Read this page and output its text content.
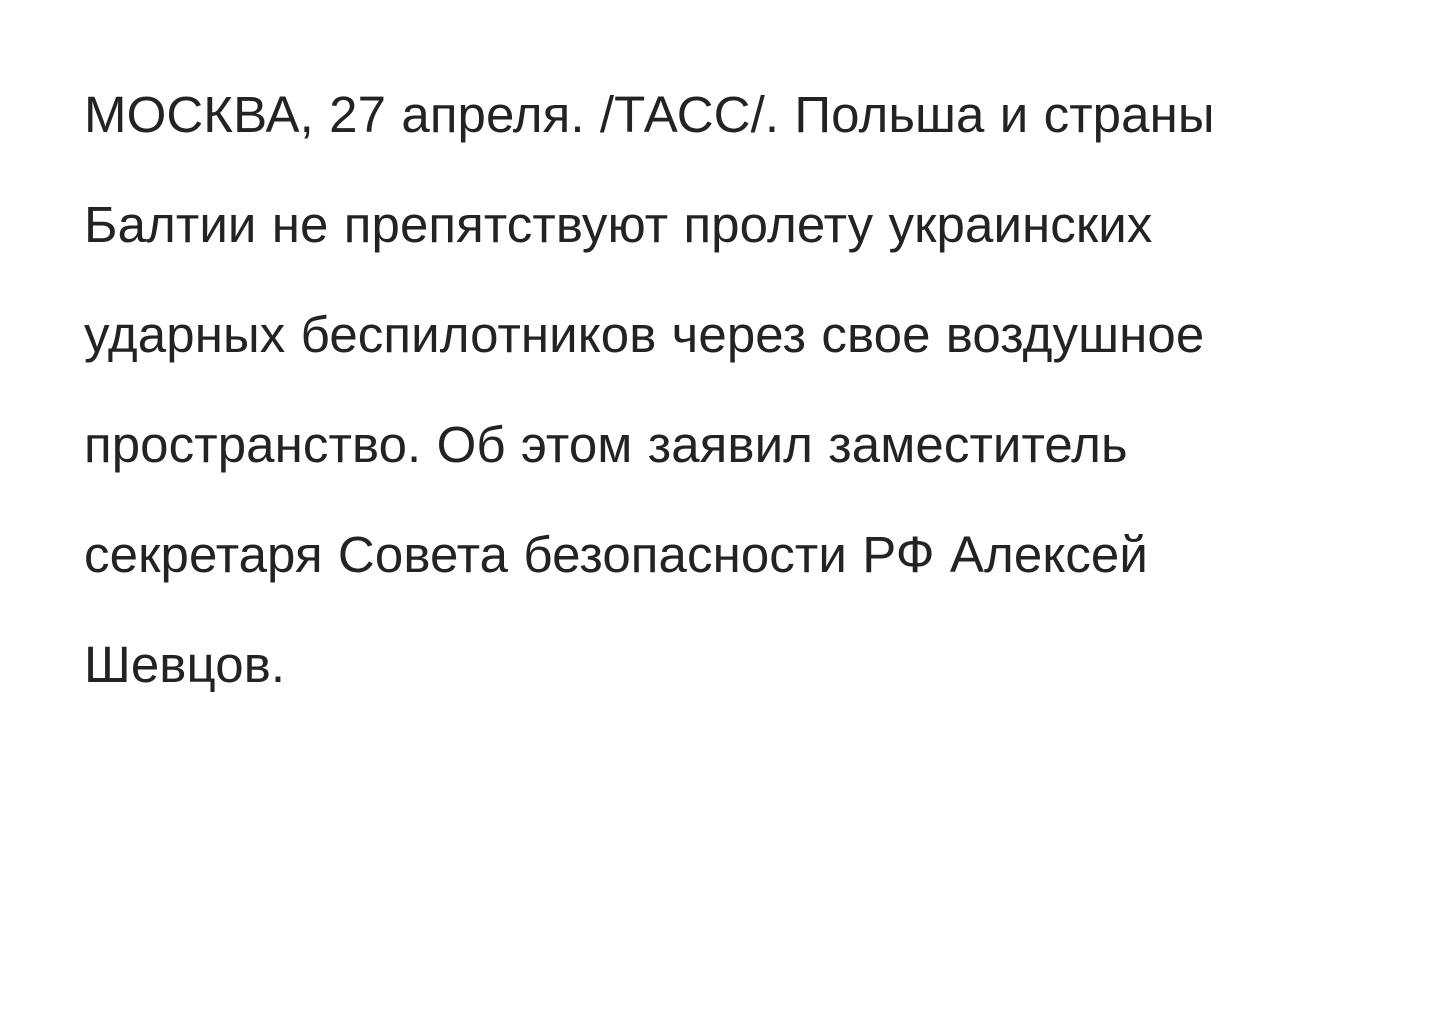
МОСКВА, 27 апреля. /ТАСС/. Польша и страны Балтии не препятствуют пролету украинских ударных беспилотников через свое воздушное пространство. Об этом заявил заместитель секретаря Совета безопасности РФ Алексей Шевцов.
